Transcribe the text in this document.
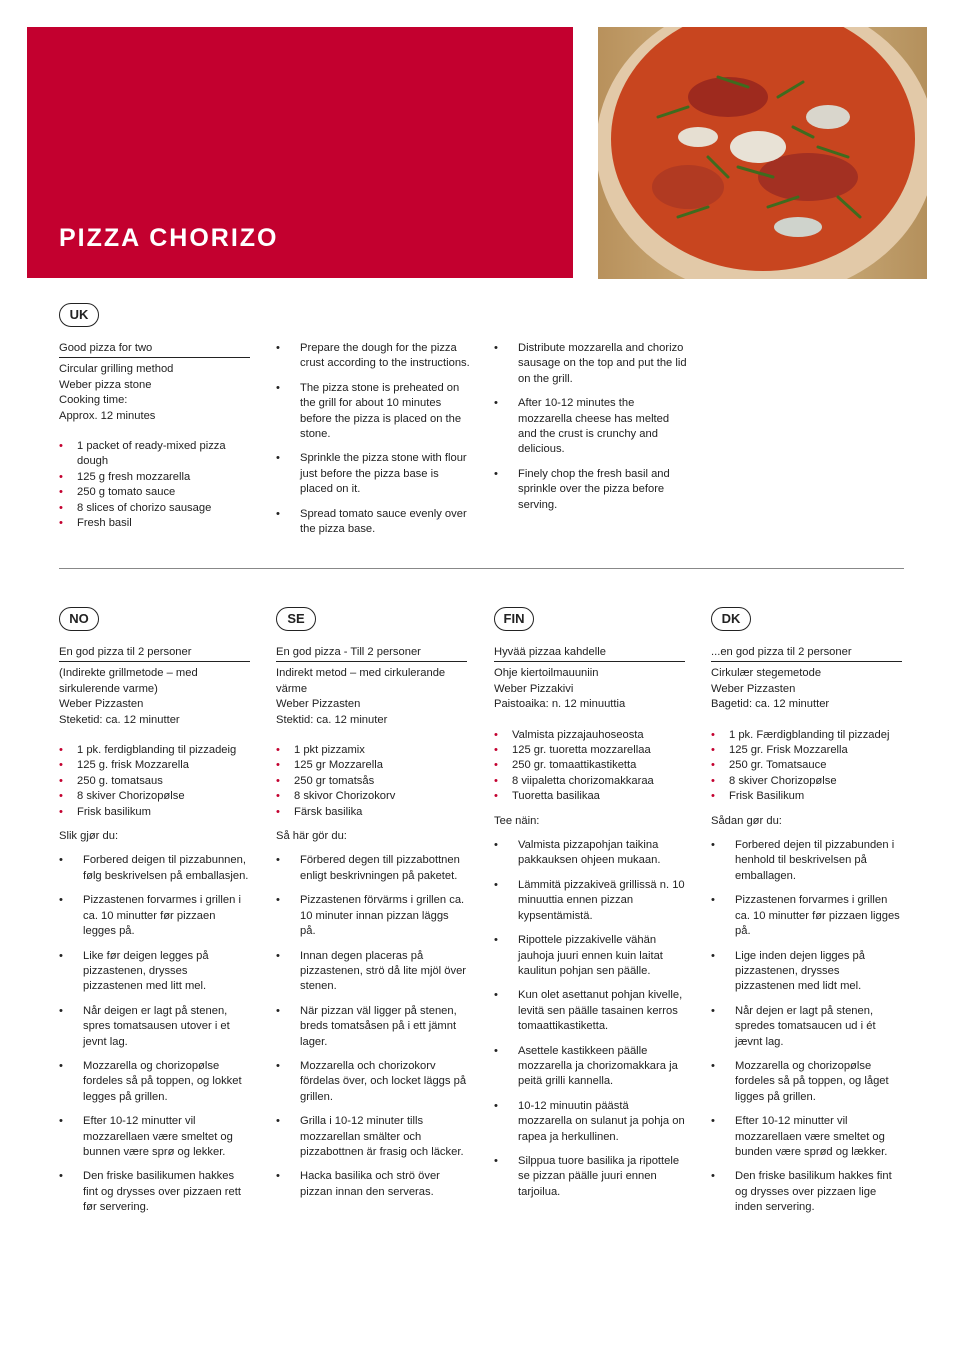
PIZZA CHORIZO
UK

Good pizza for two

Circular grilling method

Weber pizza stone

Cooking time:

Approx. 12 minutes

• 1 packet of ready-mixed pizza dough
• 125 g fresh mozzarella
• 250 g tomato sauce
• 8 slices of chorizo sausage
• Fresh basil
• Prepare the dough for the pizza crust according to the instructions.
• The pizza stone is preheated on the grill for about 10 minutes before the pizza is placed on the stone.
• Sprinkle the pizza stone with flour just before the pizza base is placed on it.
• Spread tomato sauce evenly over the pizza base.
• Distribute mozzarella and chorizo sausage on the top and put the lid on the grill.
• After 10-12 minutes the mozzarella cheese has melted and the crust is crunchy and delicious.
• Finely chop the fresh basil and sprinkle over the pizza before serving.
NO

En god pizza til 2 personer

(Indirekte grillmetode – med sirkulerende varme)

Weber Pizzasten

Steketid: ca. 12 minutter

• 1 pk. ferdigblanding til pizzadeig
• 125 g. frisk Mozzarella
• 250 g. tomatsaus
• 8 skiver Chorizopølse
• Frisk basilikum

Slik gjør du:

• Forbered deigen til pizzabunnen, følg beskrivelsen på emballasjen.
• Pizzastenen forvarmes i grillen i ca. 10 minutter før pizzaen legges på.
• Like før deigen legges på pizzastenen, drysses pizzastenen med litt mel.
• Når deigen er lagt på stenen, spres tomatsausen utover i et jevnt lag.
• Mozzarella og chorizopølse fordeles så på toppen, og lokket legges på grillen.
• Efter 10-12 minutter vil mozzarellaen være smeltet og bunnen være sprø og lekker.
• Den friske basilikumen hakkes fint og drysses over pizzaen rett før servering.
SE

En god pizza - Till 2 personer

Indirekt metod – med cirkulerande värme

Weber Pizzasten

Stektid: ca. 12 minuter

• 1 pkt pizzamix
• 125 gr Mozzarella
• 250 gr tomatsås
• 8 skivor Chorizokorv
• Färsk basilika

Så här gör du:

• Förbered degen till pizzabottnen enligt beskrivningen på paketet.
• Pizzastenen förvärms i grillen ca. 10 minuter innan pizzan läggs på.
• Innan degen placeras på pizzastenen, strö då lite mjöl över stenen.
• När pizzan väl ligger på stenen, breds tomatsåsen på i ett jämnt lager.
• Mozzarella och chorizokorv fördelas över, och locket läggs på grillen.
• Grilla i 10-12 minuter tills mozzarellan smälter och pizzabottnen är frasig och läcker.
• Hacka basilika och strö över pizzan innan den serveras.
FIN

Hyvää pizzaa kahdelle

Ohje kiertoilmauuniin

Weber Pizzakivi

Paistoaika: n. 12 minuuttia

• Valmista pizzajauhoseosta
• 125 gr. tuoretta mozzarellaa
• 250 gr. tomaattikastiketta
• 8 viipaletta chorizomakkaraa
• Tuoretta basilikaa

Tee näin:

• Valmista pizzapohjan taikina pakkauksen ohjeen mukaan.
• Lämmitä pizzakiveä grillissä n. 10 minuuttia ennen pizzan kypsentämistä.
• Ripottele pizzakivelle vähän jauhoja juuri ennen kuin laitat kaulitun pohjan sen päälle.
• Kun olet asettanut pohjan kivelle, levitä sen päälle tasainen kerros tomaattikastiketta.
• Asettele kastikkeen päälle mozzarella ja chorizomakkara ja peitä grilli kannella.
• 10-12 minuutin päästä mozzarella on sulanut ja pohja on rapea ja herkullinen.
• Silppua tuore basilika ja ripottele se pizzan päälle juuri ennen tarjoilua.
DK

...en god pizza til 2 personer

Cirkulær stegemetode

Weber Pizzasten

Bagetid: ca. 12 minutter

• 1 pk. Færdigblanding til pizzadej
• 125 gr. Frisk Mozzarella
• 250 gr. Tomatsauce
• 8 skiver Chorizopølse
• Frisk Basilikum

Sådan gør du:

• Forbered dejen til pizzabunden i henhold til beskrivelsen på emballagen.
• Pizzastenen forvarmes i grillen ca. 10 minutter før pizzaen ligges på.
• Lige inden dejen ligges på pizzastenen, drysses pizzastenen med lidt mel.
• Når dejen er lagt på stenen, spredes tomatsaucen ud i ét jævnt lag.
• Mozzarella og chorizopølse fordeles så på toppen, og låget ligges på grillen.
• Efter 10-12 minutter vil mozzarellaen være smeltet og bunden være sprød og lækker.
• Den friske basilikum hakkes fint og drysses over pizzaen lige inden servering.
